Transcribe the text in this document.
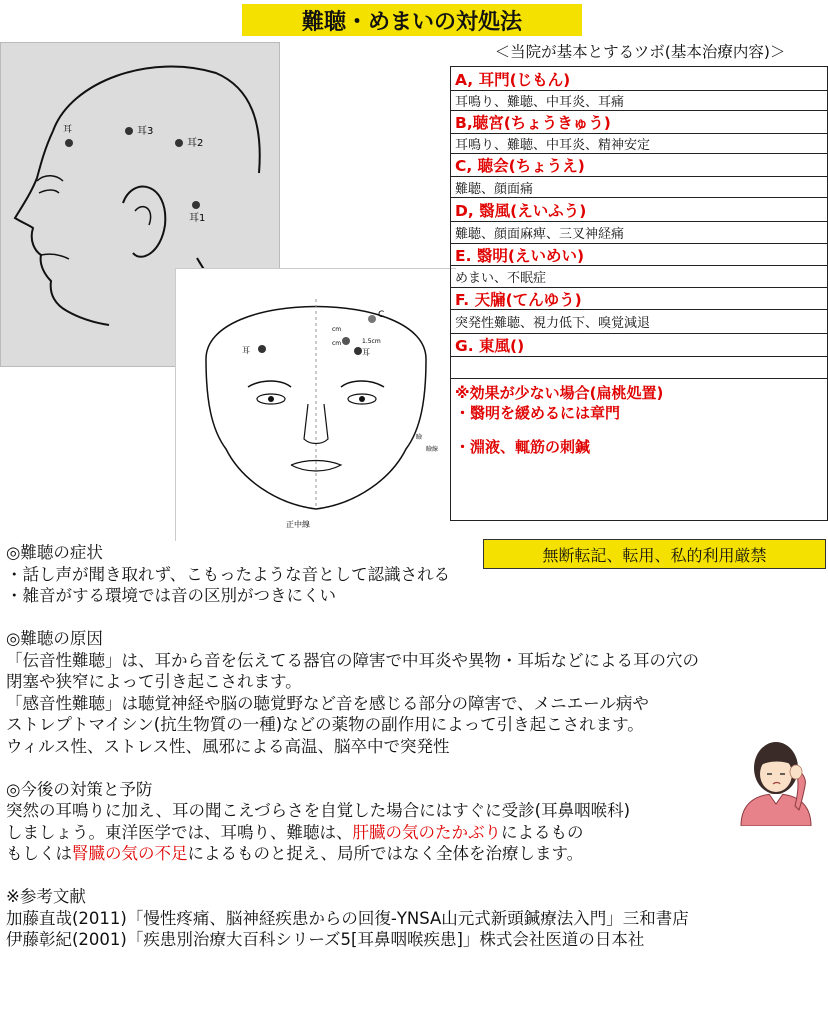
難聴・めまいの対処法
＜当院が基本とするツボ(基本治療内容)＞
耳	耳3
耳2
耳1
耳
C
cm
cm	1.5cm
耳
正中線
瞼
瞼線
A, 耳門(じもん)
耳鳴り、難聴、中耳炎、耳痛
B,聴宮(ちょうきゅう)
耳鳴り、難聴、中耳炎、精神安定
C, 聴会(ちょうえ)
難聴、顔面痛
D, 翳風(えいふう)
難聴、顔面麻痺、三叉神経痛
E. 翳明(えいめい)
めまい、不眠症
F. 天牖(てんゆう)
突発性難聴、視力低下、嗅覚減退
G. 東風()
※効果が少ない場合(扁桃処置)
・翳明を緩めるには章門
・淵液、輒筋の刺鍼
無断転記、転用、私的利用厳禁
◎難聴の症状
・話し声が聞き取れず、こもったような音として認識される
・雑音がする環境では音の区別がつきにくい
◎難聴の原因
「伝音性難聴」は、耳から音を伝えてる器官の障害で中耳炎や異物・耳垢などによる耳の穴の
閉塞や狭窄によって引き起こされます。
「感音性難聴」は聴覚神経や脳の聴覚野など音を感じる部分の障害で、メニエール病や
ストレプトマイシン(抗生物質の一種)などの薬物の副作用によって引き起こされます。
ウィルス性、ストレス性、風邪による高温、脳卒中で突発性
◎今後の対策と予防
突然の耳鳴りに加え、耳の聞こえづらさを自覚した場合にはすぐに受診(耳鼻咽喉科)
しましょう。東洋医学では、耳鳴り、難聴は、肝臓の気のたかぶりによるもの
もしくは腎臓の気の不足によるものと捉え、局所ではなく全体を治療します。
※参考文献
加藤直哉(2011)「慢性疼痛、脳神経疾患からの回復-YNSA山元式新頭鍼療法入門」三和書店
伊藤彰紀(2001)「疾患別治療大百科シリーズ5[耳鼻咽喉疾患]」株式会社医道の日本社
